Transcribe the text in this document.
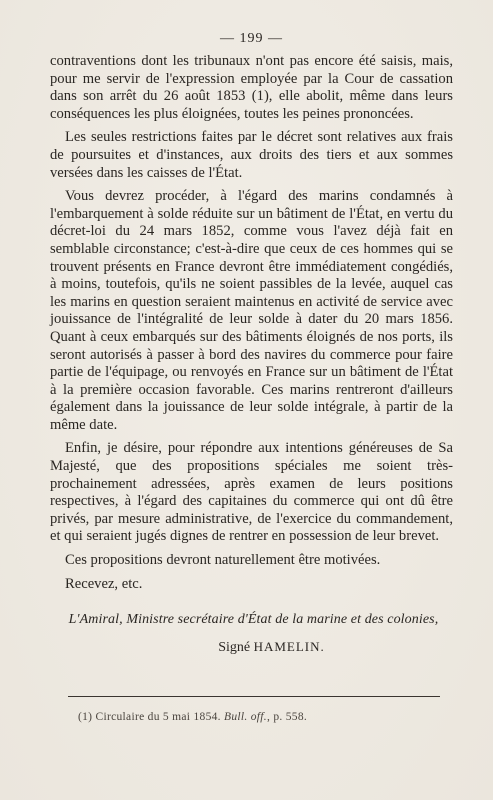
— 199 —

contraventions dont les tribunaux n'ont pas encore été saisis, mais, pour me servir de l'expression employée par la Cour de cassation dans son arrêt du 26 août 1853 (1), elle abolit, même dans leurs conséquences les plus éloignées, toutes les peines prononcées.

Les seules restrictions faites par le décret sont relatives aux frais de poursuites et d'instances, aux droits des tiers et aux sommes versées dans les caisses de l'État.

Vous devrez procéder, à l'égard des marins condamnés à l'embarquement à solde réduite sur un bâtiment de l'État, en vertu du décret-loi du 24 mars 1852, comme vous l'avez déjà fait en semblable circonstance; c'est-à-dire que ceux de ces hommes qui se trouvent présents en France devront être immédiatement congédiés, à moins, toutefois, qu'ils ne soient passibles de la levée, auquel cas les marins en question seraient maintenus en activité de service avec jouissance de l'intégralité de leur solde à dater du 20 mars 1856. Quant à ceux embarqués sur des bâtiments éloignés de nos ports, ils seront autorisés à passer à bord des navires du commerce pour faire partie de l'équipage, ou renvoyés en France sur un bâtiment de l'État à la première occasion favorable. Ces marins rentreront d'ailleurs également dans la jouissance de leur solde intégrale, à partir de la même date.

Enfin, je désire, pour répondre aux intentions généreuses de Sa Majesté, que des propositions spéciales me soient très-prochainement adressées, après examen de leurs positions respectives, à l'égard des capitaines du commerce qui ont dû être privés, par mesure administrative, de l'exercice du commandement, et qui seraient jugés dignes de rentrer en possession de leur brevet.

Ces propositions devront naturellement être motivées.

Recevez, etc.

L'Amiral, Ministre secrétaire d'État de la marine et des colonies,

Signé HAMELIN.

(1) Circulaire du 5 mai 1854. Bull. off., p. 558.
